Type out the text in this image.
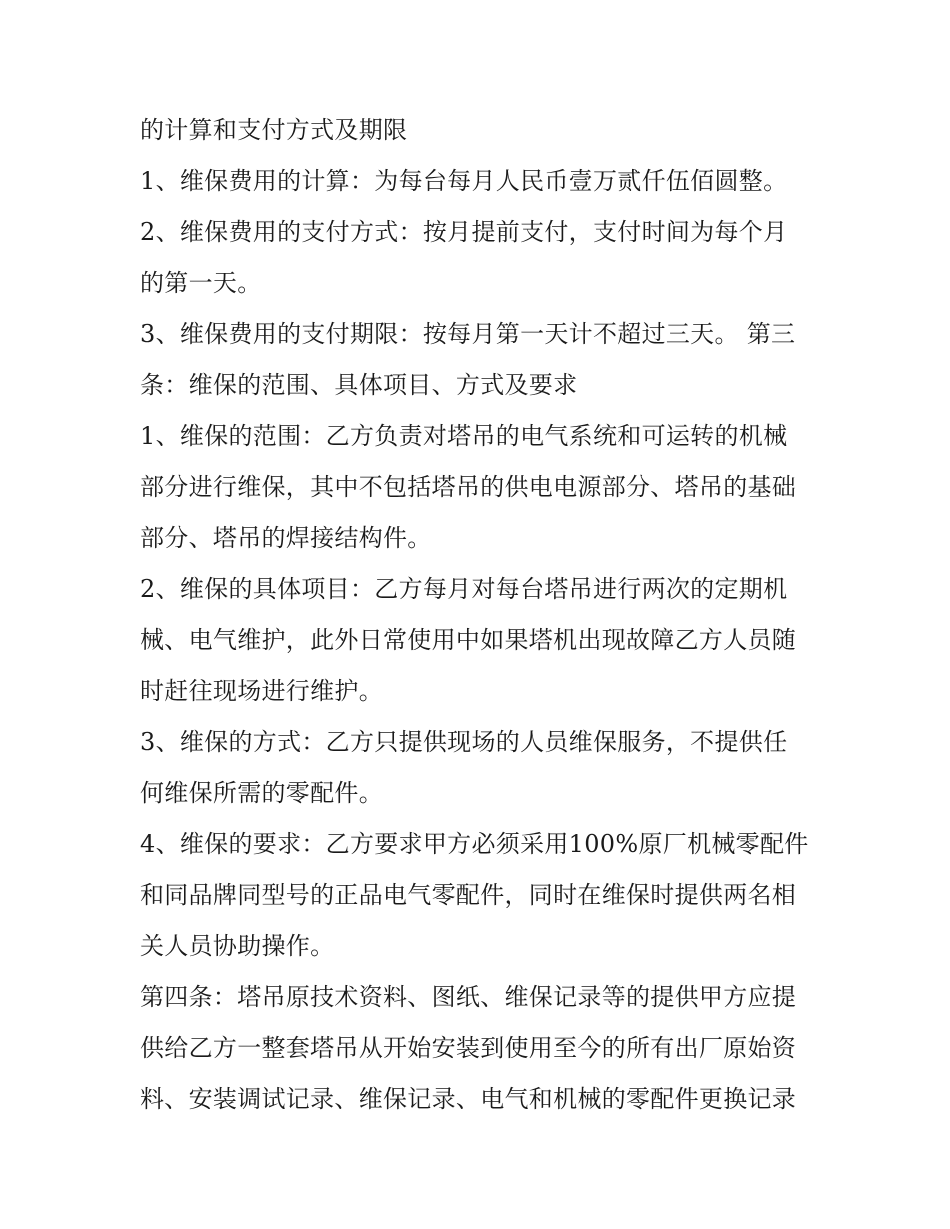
的计算和支付方式及期限
1、维保费用的计算：为每台每月人民币壹万贰仟伍佰圆整。
2、维保费用的支付方式：按月提前支付，支付时间为每个月
的第一天。
3、维保费用的支付期限：按每月第一天计不超过三天。 第三
条：维保的范围、具体项目、方式及要求
1、维保的范围：乙方负责对塔吊的电气系统和可运转的机械
部分进行维保，其中不包括塔吊的供电电源部分、塔吊的基础
部分、塔吊的焊接结构件。
2、维保的具体项目：乙方每月对每台塔吊进行两次的定期机
械、电气维护，此外日常使用中如果塔机出现故障乙方人员随
时赶往现场进行维护。
3、维保的方式：乙方只提供现场的人员维保服务，不提供任
何维保所需的零配件。
4、维保的要求：乙方要求甲方必须采用100%原厂机械零配件
和同品牌同型号的正品电气零配件，同时在维保时提供两名相
关人员协助操作。
第四条：塔吊原技术资料、图纸、维保记录等的提供甲方应提
供给乙方一整套塔吊从开始安装到使用至今的所有出厂原始资
料、安装调试记录、维保记录、电气和机械的零配件更换记录
